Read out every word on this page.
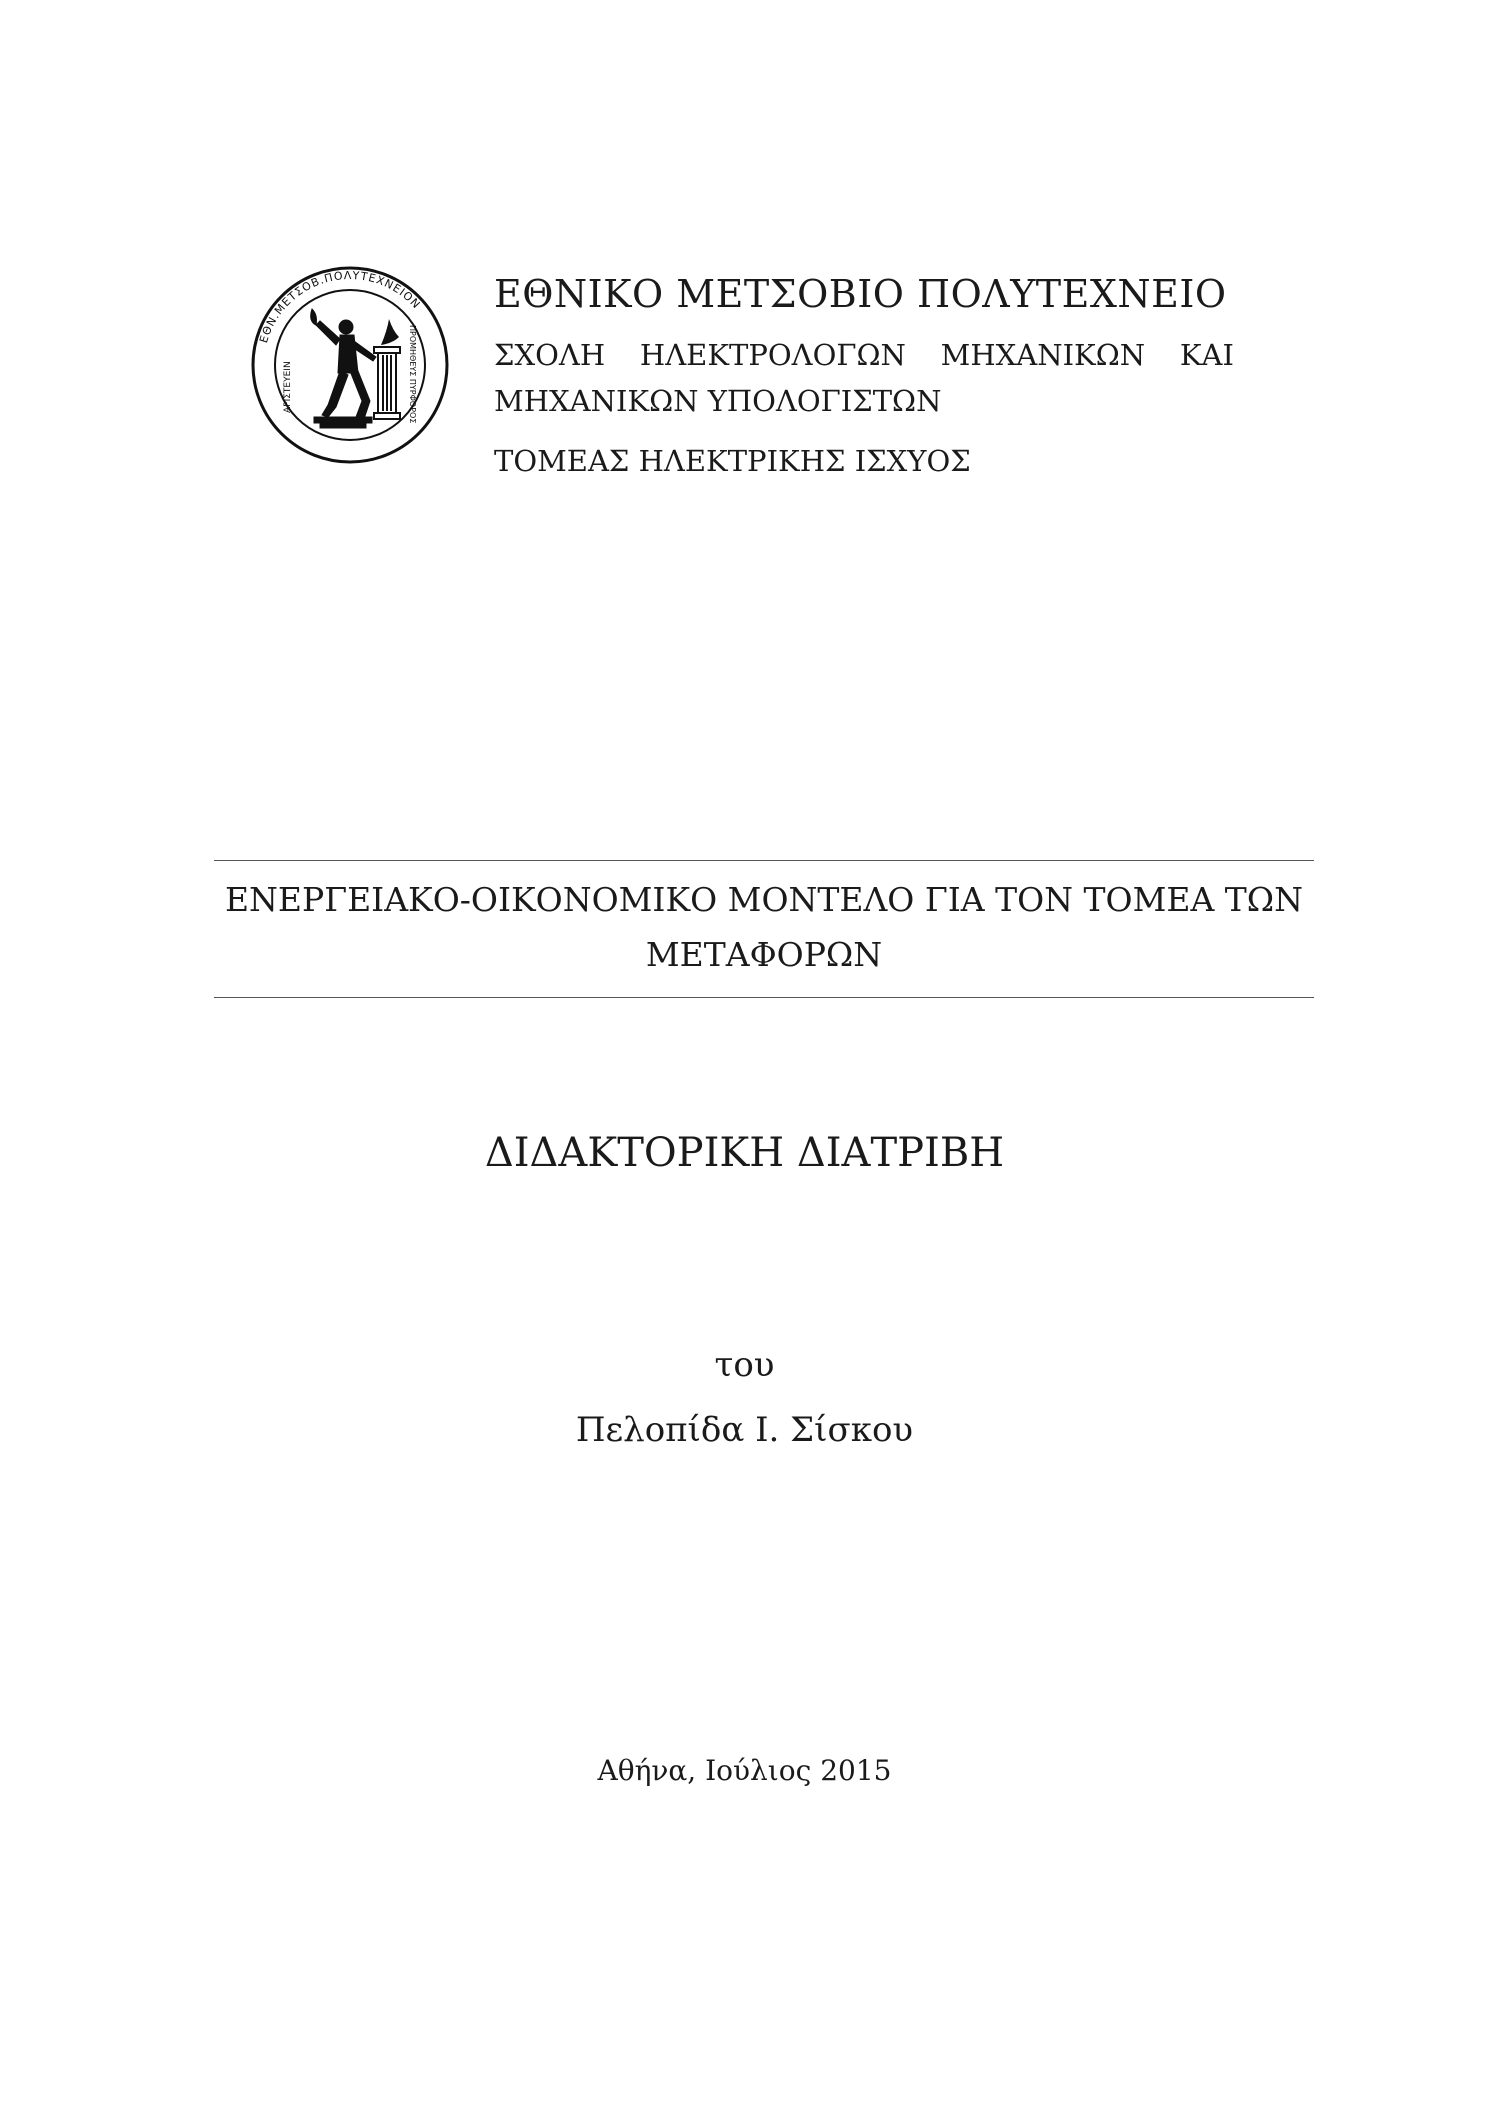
ΕΘΝ.ΜΕΤΣΟΒ.ΠΟΛΥΤΕΧΝΕΙΟΝ
ΑΡΙΣΤΕΥΕΙΝ	ΠΡΟΜΗΘΕΥΣ ΠΥΡΦΟΡΟΣ
ΕΘΝΙΚΟ ΜΕΤΣΟΒΙΟ ΠΟΛΥΤΕΧΝΕΙΟ
ΣΧΟΛΗ ΗΛΕΚΤΡΟΛΟΓΩΝ ΜΗΧΑΝΙΚΩΝ ΚΑΙ
ΜΗΧΑΝΙΚΩΝ ΥΠΟΛΟΓΙΣΤΩΝ
ΤΟΜΕΑΣ ΗΛΕΚΤΡΙΚΗΣ ΙΣΧΥΟΣ
ΕΝΕΡΓΕΙΑΚΟ-ΟΙΚΟΝΟΜΙΚΟ ΜΟΝΤΕΛΟ ΓΙΑ ΤΟΝ ΤΟΜΕΑ ΤΩΝ
ΜΕΤΑΦΟΡΩΝ
ΔΙΔΑΚΤΟΡΙΚΗ ΔΙΑΤΡΙΒΗ
του
Πελοπίδα Ι. Σίσκου
Αθήνα, Ιούλιος 2015
